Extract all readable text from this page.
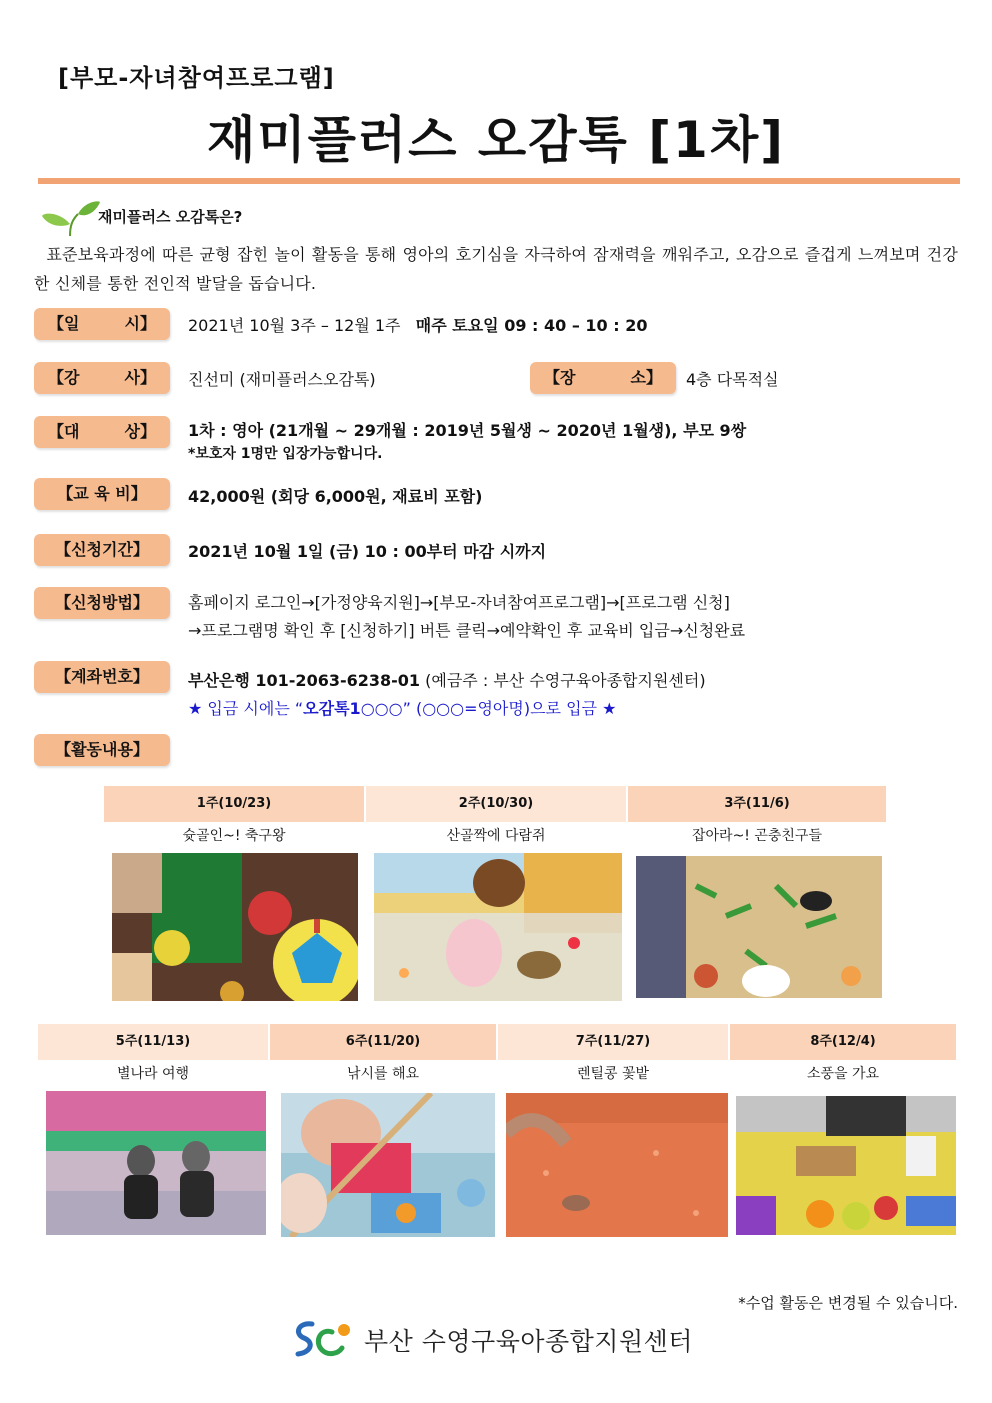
[부모-자녀참여프로그램]
재미플러스 오감톡 [1차]
재미플러스 오감톡은?
표준보육과정에 따른 균형 잡힌 놀이 활동을 통해 영아의 호기심을 자극하여 잠재력을 깨워주고, 오감으로 즐겁게 느껴보며 건강한 신체를 통한 전인적 발달을 돕습니다.
【일	시】 2021년 10월 3주 – 12월 1주 매주 토요일 09 : 40 – 10 : 20
【강	사】 진선미 (재미플러스오감톡)	【장	소】 4층 다목적실
【대	상】 1차 : 영아 (21개월 ~ 29개월 : 2019년 5월생 ~ 2020년 1월생), 부모 9쌍
*보호자 1명만 입장가능합니다.
【교 육 비】	42,000원 (회당 6,000원, 재료비 포함)
【신청기간】 2021년 10월 1일 (금) 10 : 00부터 마감 시까지
【신청방법】 홈페이지 로그인→[가정양육지원]→[부모-자녀참여프로그램]→[프로그램 신청]
→프로그램명 확인 후 [신청하기] 버튼 클릭→예약확인 후 교육비 입금→신청완료
【계좌번호】 부산은행 101-2063-6238-01 (예금주 : 부산 수영구육아종합지원센터)
★ 입금 시에는 “오감톡1○○○” (○○○=영아명)으로 입금 ★
【활동내용】
1주(10/23)	2주(10/30)	3주(11/6)
슛골인~! 축구왕	산골짝에 다람쥐	잡아라~! 곤충친구들
5주(11/13)	6주(11/20)	7주(11/27)	8주(12/4)
별나라 여행	낚시를 해요	렌틸콩 꽃밭	소풍을 가요
*수업 활동은 변경될 수 있습니다.
부산 수영구육아종합지원센터
